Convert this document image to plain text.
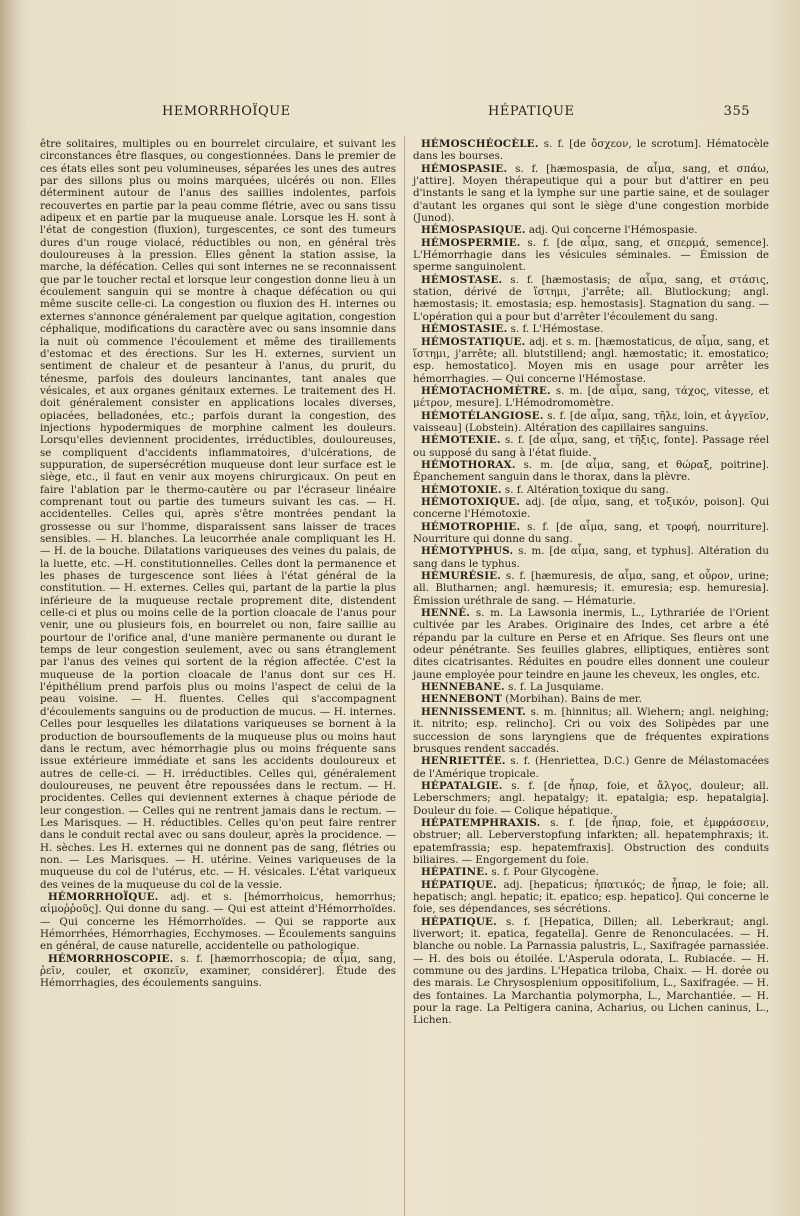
HEMORRHOÏQUE	HÉPATIQUE	355

être solitaires, multiples ou en bourrelet circulaire, et suivant les circonstances être flasques, ou congestionnées. Dans le premier de ces états elles sont peu volumineuses, séparées les unes des autres par des sillons plus ou moins marquées, ulcérés ou non. Elles déterminent autour de l'anus des saillies indolentes, parfois recouvertes en partie par la peau comme flétrie, avec ou sans tissu adipeux et en partie par la muqueuse anale. Lorsque les H. sont à l'état de congestion (fluxion), turgescentes, ce sont des tumeurs dures d'un rouge violacé, réductibles ou non, en général très douloureuses à la pression. Elles gênent la station assise, la marche, la défécation. Celles qui sont internes ne se reconnaissent que par le toucher rectal et lorsque leur congestion donne lieu à un écoulement sanguin qui se montre à chaque défécation ou qui même suscite celle-ci. La congestion ou fluxion des H. internes ou externes s'annonce généralement par quelque agitation, congestion céphalique, modifications du caractère avec ou sans insomnie dans la nuit où commence l'écoulement et même des tiraillements d'estomac et des érections. Sur les H. externes, survient un sentiment de chaleur et de pesanteur à l'anus, du prurit, du ténesme, parfois des douleurs lancinantes, tant anales que vésicales, et aux organes génitaux externes. Le traitement des H. doit généralement consister en applications locales diverses, opiacées, belladonées, etc.; parfois durant la congestion, des injections hypodermiques de morphine calment les douleurs. Lorsqu'elles deviennent procidentes, irréductibles, douloureuses, se compliquent d'accidents inflammatoires, d'ulcérations, de suppuration, de supersécrétion muqueuse dont leur surface est le siège, etc., il faut en venir aux moyens chirurgicaux. On peut en faire l'ablation par le thermo-cautère ou par l'écraseur linéaire comprenant tout ou partie des tumeurs suivant les cas. — H. accidentelles. Celles qui, après s'être montrées pendant la grossesse ou sur l'homme, disparaissent sans laisser de traces sensibles. — H. blanches. La leucorrhée anale compliquant les H. — H. de la bouche. Dilatations variqueuses des veines du palais, de la luette, etc. —H. constitutionnelles. Celles dont la permanence et les phases de turgescence sont liées à l'état général de la constitution. — H. externes. Celles qui, partant de la partie la plus inférieure de la muqueuse rectale proprement dite, distendent celle-ci et plus ou moins celle de la portion cloacale de l'anus pour venir, une ou plusieurs fois, en bourrelet ou non, faire saillie au pourtour de l'orifice anal, d'une manière permanente ou durant le temps de leur congestion seulement, avec ou sans étranglement par l'anus des veines qui sortent de la région affectée. C'est la muqueuse de la portion cloacale de l'anus dont sur ces H. l'épithélium prend parfois plus ou moins l'aspect de celui de la peau voisine. — H. fluentes. Celles qui s'accompagnent d'écoulements sanguins ou de production de mucus. — H. internes. Celles pour lesquelles les dilatations variqueuses se bornent à la production de boursouflements de la muqueuse plus ou moins haut dans le rectum, avec hémorrhagie plus ou moins fréquente sans issue extérieure immédiate et sans les accidents douloureux et autres de celle-ci. — H. irréductibles. Celles qui, généralement douloureuses, ne peuvent être repoussées dans le rectum. — H. procidentes. Celles qui deviennent externes à chaque période de leur congestion. — Celles qui ne rentrent jamais dans le rectum. — Les Marisques. — H. réductibles. Celles qu'on peut faire rentrer dans le conduit rectal avec ou sans douleur, après la procidence. — H. sèches. Les H. externes qui ne donnent pas de sang, flétries ou non. — Les Marisques. — H. utérine. Veines variqueuses de la muqueuse du col de l'utérus, etc. — H. vésicales. L'état variqueux des veines de la muqueuse du col de la vessie.

HÉMORRHOÏQUE. adj. et s. [hémorrhoicus, hemorrhus; αἱμοῤῥοῦς]. Qui donne du sang. — Qui est atteint d'Hémorrhoïdes. — Qui concerne les Hémorrhoïdes. — Qui se rapporte aux Hémorrhées, Hémorrhagies, Ecchymoses. — Écoulements sanguins en général, de cause naturelle, accidentelle ou pathologique.

HÉMORRHOSCOPIE. s. f. [hæmorrhoscopia; de αἷμα, sang, ῥεῖν, couler, et σκοπεῖν, examiner, considérer]. Étude des Hémorrhagies, des écoulements sanguins.

HÉMOSCHÉOCÈLE. s. f. [de ὄσχεον, le scrotum]. Hématocèle dans les bourses.

HÉMOSPASIE. s. f. [hæmospasia, de αἷμα, sang, et σπάω, j'attire]. Moyen thérapeutique qui a pour but d'attirer en peu d'instants le sang et la lymphe sur une partie saine, et de soulager d'autant les organes qui sont le siège d'une congestion morbide (Junod).

HÉMOSPASIQUE. adj. Qui concerne l'Hémospasie.

HÉMOSPERMIE. s. f. [de αἷμα, sang, et σπερμά, semence]. L'Hémorrhagie dans les vésicules séminales. — Émission de sperme sanguinolent.

HÉMOSTASE. s. f. [hæmostasis; de αἷμα, sang, et στάσις, station, dérivé de ἵστημι, j'arrête; all. Blutlockung; angl. hæmostasis; it. emostasia; esp. hemostasis]. Stagnation du sang. — L'opération qui a pour but d'arrêter l'écoulement du sang.

HÉMOSTASIE. s. f. L'Hémostase.

HÉMOSTATIQUE. adj. et s. m. [hæmostaticus, de αἷμα, sang, et ἵστημι, j'arrête; all. blutstillend; angl. hæmostatic; it. emostatico; esp. hemostatico]. Moyen mis en usage pour arrêter les hémorrhagies. — Qui concerne l'Hémostase.

HÉMOTACHOMÈTRE. s. m. [de αἷμα, sang, τάχος, vitesse, et μέτρον, mesure]. L'Hémodromomètre.

HÉMOTÉLANGIOSE. s. f. [de αἷμα, sang, τῆλε, loin, et ἀγγεῖον, vaisseau] (Lobstein). Altération des capillaires sanguins.

HÉMOTEXIE. s. f. [de αἷμα, sang, et τῆξις, fonte]. Passage réel ou supposé du sang à l'état fluide.

HÉMOTHORAX. s. m. [de αἷμα, sang, et θώραξ, poitrine]. Épanchement sanguin dans le thorax, dans la plèvre.

HÉMOTOXIE. s. f. Altération toxique du sang.

HÉMOTOXIQUE. adj. [de αἷμα, sang, et τοξικόν, poison]. Qui concerne l'Hémotoxie.

HÉMOTROPHIE. s. f. [de αἷμα, sang, et τροφή, nourriture]. Nourriture qui donne du sang.

HÉMOTYPHUS. s. m. [de αἷμα, sang, et typhus]. Altération du sang dans le typhus.

HÉMURÉSIE. s. f. [hæmuresis, de αἷμα, sang, et οὖρον, urine; all. Blutharnen; angl. hæmuresis; it. emuresia; esp. hemuresia]. Émission uréthrale de sang. — Hématurie.

HENNÉ. s. m. La Lawsonia inermis, L., Lythrariée de l'Orient cultivée par les Arabes. Originaire des Indes, cet arbre a été répandu par la culture en Perse et en Afrique. Ses fleurs ont une odeur pénétrante. Ses feuilles glabres, elliptiques, entières sont dites cicatrisantes. Réduites en poudre elles donnent une couleur jaune employée pour teindre en jaune les cheveux, les ongles, etc.

HENNEBANE. s. f. La Jusquiame.

HENNEBONT (Morbihan). Bains de mer.

HENNISSEMENT. s. m. [hinnitus; all. Wiehern; angl. neighing; it. nitrito; esp. relincho]. Cri ou voix des Solipèdes par une succession de sons laryngiens que de fréquentes expirations brusques rendent saccadés.

HENRIETTÉE. s. f. (Henriettea, D.C.) Genre de Mélastomacées de l'Amérique tropicale.

HÉPATALGIE. s. f. [de ἧπαρ, foie, et ἄλγος, douleur; all. Leberschmers; angl. hepatalgy; it. epatalgia; esp. hepatalgia]. Douleur du foie. — Colique hépatique.

HÉPATEMPHRAXIS. s. f. [de ἧπαρ, foie, et ἐμφράσσειν, obstruer; all. Leberverstopfung infarkten; all. hepatemphraxis; it. epatemfrassia; esp. hepatemfraxis]. Obstruction des conduits biliaires. — Engorgement du foie.

HÉPATINE. s. f. Pour Glycogène.

HÉPATIQUE. adj. [hepaticus; ἡπατικός; de ἧπαρ, le foie; all. hepatisch; angl. hepatic; it. epatico; esp. hepatico]. Qui concerne le foie, ses dépendances, ses sécrétions.

HÉPATIQUE. s. f. [Hepatica, Dillen; all. Leberkraut; angl. liverwort; it. epatica, fegatella]. Genre de Renonculacées. — H. blanche ou noble. La Parnassia palustris, L., Saxifragée parnassiée. — H. des bois ou étoilée. L'Asperula odorata, L. Rubiacée. — H. commune ou des jardins. L'Hepatica triloba, Chaix. — H. dorée ou des marais. Le Chrysosplenium oppositifolium, L., Saxifragée. — H. des fontaines. La Marchantia polymorpha, L., Marchantiée. — H. pour la rage. La Peltigera canina, Acharius, ou Lichen caninus, L., Lichen.
